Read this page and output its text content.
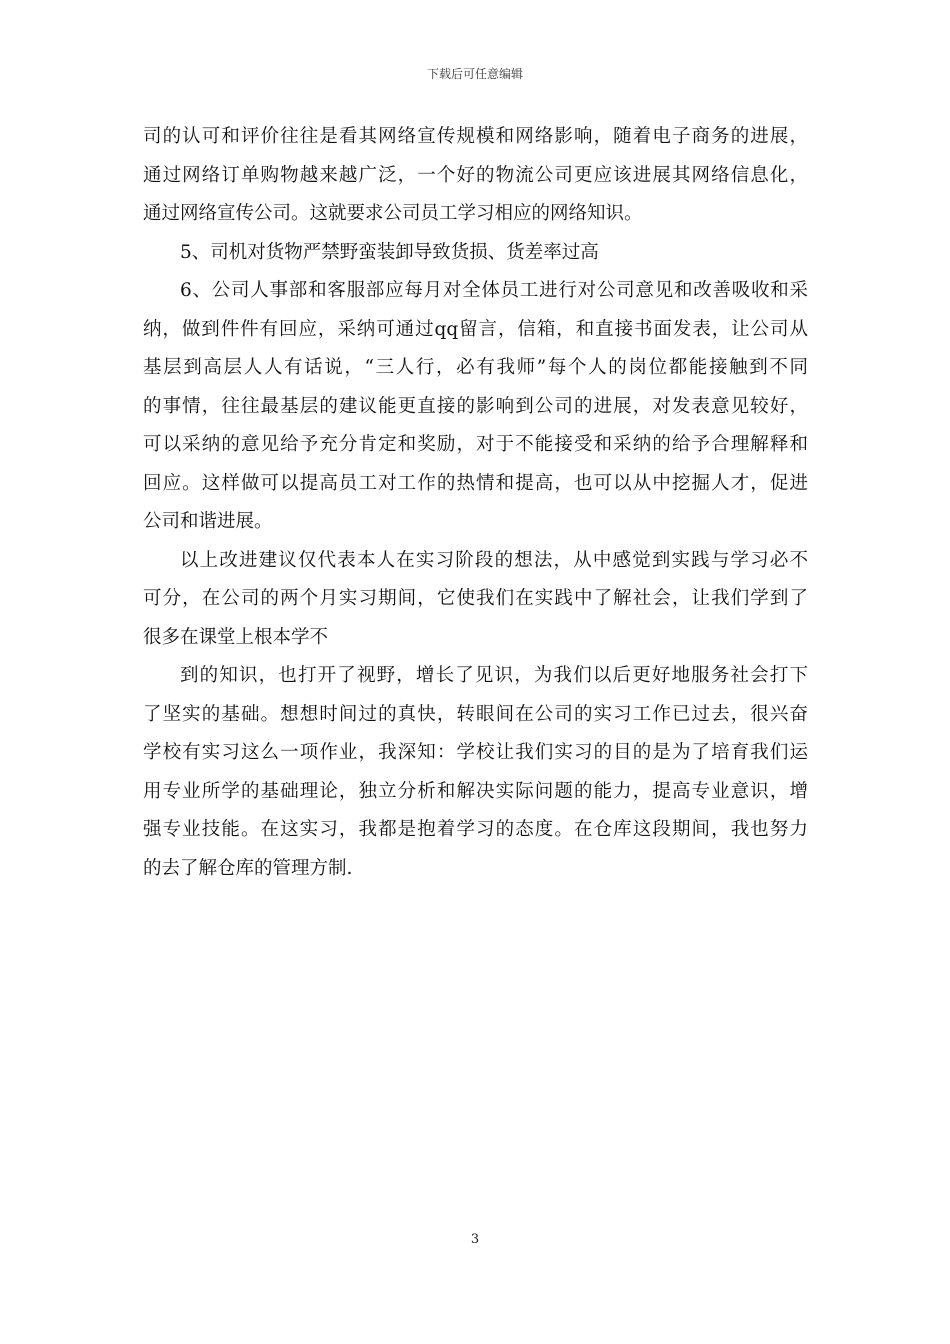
下载后可任意编辑
司的认可和评价往往是看其网络宣传规模和网络影响，随着电子商务的进展，
通过网络订单购物越来越广泛，一个好的物流公司更应该进展其网络信息化，
通过网络宣传公司。这就要求公司员工学习相应的网络知识。
5、司机对货物严禁野蛮装卸导致货损、货差率过高
6、公司人事部和客服部应每月对全体员工进行对公司意见和改善吸收和采
纳，做到件件有回应，采纳可通过qq留言，信箱，和直接书面发表，让公司从
基层到高层人人有话说，“三人行，必有我师”每个人的岗位都能接触到不同
的事情，往往最基层的建议能更直接的影响到公司的进展，对发表意见较好，
可以采纳的意见给予充分肯定和奖励，对于不能接受和采纳的给予合理解释和
回应。这样做可以提高员工对工作的热情和提高，也可以从中挖掘人才，促进
公司和谐进展。
以上改进建议仅代表本人在实习阶段的想法，从中感觉到实践与学习必不
可分，在公司的两个月实习期间，它使我们在实践中了解社会，让我们学到了
很多在课堂上根本学不
到的知识，也打开了视野，增长了见识，为我们以后更好地服务社会打下
了坚实的基础。想想时间过的真快，转眼间在公司的实习工作已过去，很兴奋
学校有实习这么一项作业，我深知：学校让我们实习的目的是为了培育我们运
用专业所学的基础理论，独立分析和解决实际问题的能力，提高专业意识，增
强专业技能。在这实习，我都是抱着学习的态度。在仓库这段期间，我也努力
的去了解仓库的管理方制.
3
